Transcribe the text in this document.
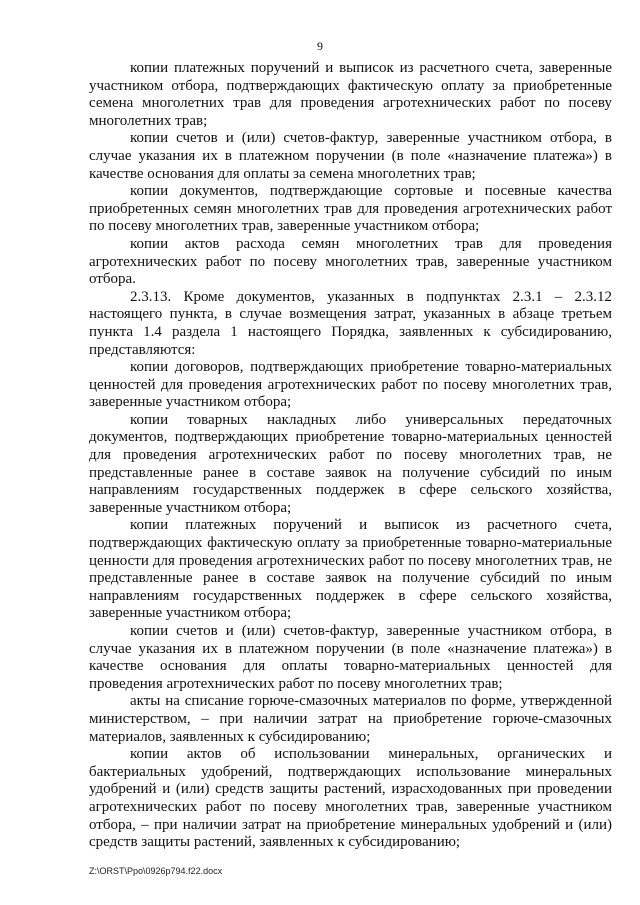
9

копии платежных поручений и выписок из расчетного счета, заверенные участником отбора, подтверждающих фактическую оплату за приобретенные семена многолетних трав для проведения агротехнических работ по посеву многолетних трав;

копии счетов и (или) счетов-фактур, заверенные участником отбора, в случае указания их в платежном поручении (в поле «назначение платежа») в качестве основания для оплаты за семена многолетних трав;

копии документов, подтверждающие сортовые и посевные качества приобретенных семян многолетних трав для проведения агротехнических работ по посеву многолетних трав, заверенные участником отбора;

копии актов расхода семян многолетних трав для проведения агротехнических работ по посеву многолетних трав, заверенные участником отбора.

2.3.13. Кроме документов, указанных в подпунктах 2.3.1 – 2.3.12 настоящего пункта, в случае возмещения затрат, указанных в абзаце третьем пункта 1.4 раздела 1 настоящего Порядка, заявленных к субсидированию, представляются:

копии договоров, подтверждающих приобретение товарно-материальных ценностей для проведения агротехнических работ по посеву многолетних трав, заверенные участником отбора;

копии товарных накладных либо универсальных передаточных документов, подтверждающих приобретение товарно-материальных ценностей для проведения агротехнических работ по посеву многолетних трав, не представленные ранее в составе заявок на получение субсидий по иным направлениям государственных поддержек в сфере сельского хозяйства, заверенные участником отбора;

копии платежных поручений и выписок из расчетного счета, подтверждающих фактическую оплату за приобретенные товарно-материальные ценности для проведения агротехнических работ по посеву многолетних трав, не представленные ранее в составе заявок на получение субсидий по иным направлениям государственных поддержек в сфере сельского хозяйства, заверенные участником отбора;

копии счетов и (или) счетов-фактур, заверенные участником отбора, в случае указания их в платежном поручении (в поле «назначение платежа») в качестве основания для оплаты товарно-материальных ценностей для проведения агротехнических работ по посеву многолетних трав;

акты на списание горюче-смазочных материалов по форме, утвержденной министерством, – при наличии затрат на приобретение горюче-смазочных материалов, заявленных к субсидированию;

копии актов об использовании минеральных, органических и бактериальных удобрений, подтверждающих использование минеральных удобрений и (или) средств защиты растений, израсходованных при проведении агротехнических работ по посеву многолетних трав, заверенные участником отбора, – при наличии затрат на приобретение минеральных удобрений и (или) средств защиты растений, заявленных к субсидированию;

Z:\ORST\Ppo\0926p794.f22.docx
